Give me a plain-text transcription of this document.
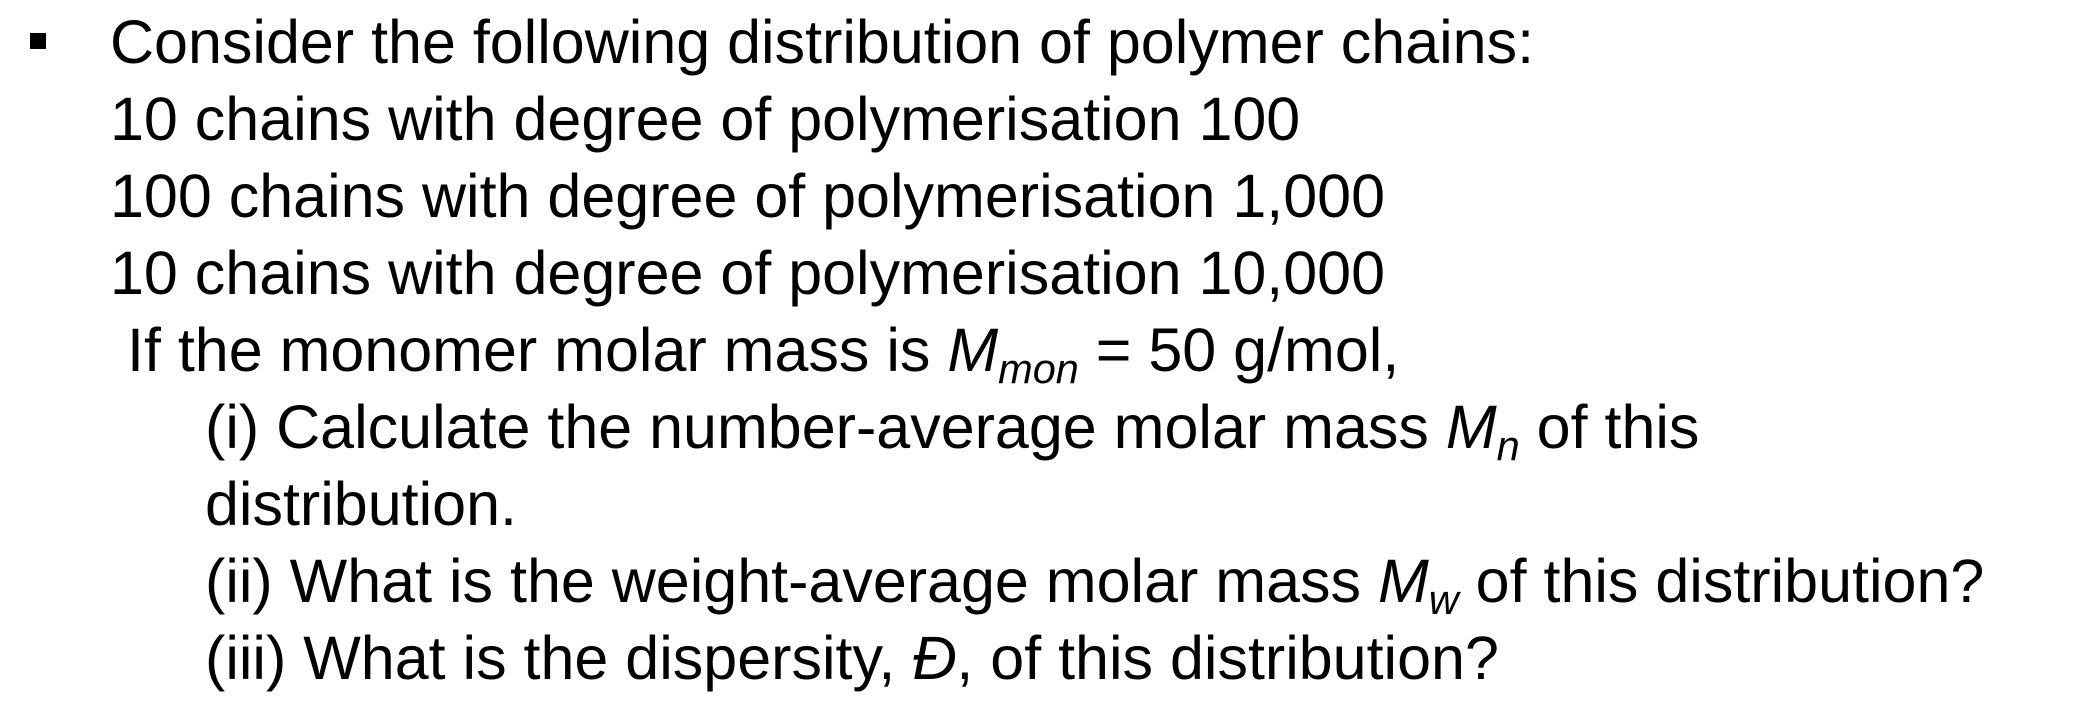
Consider the following distribution of polymer chains:
10 chains with degree of polymerisation 100
100 chains with degree of polymerisation 1,000
10 chains with degree of polymerisation 10,000
If the monomer molar mass is $M_{mon} = 50$ g/mol,
(i) Calculate the number-average molar mass $M_n$ of this
distribution.
(ii) What is the weight-average molar mass $M_w$ of this distribution?
(iii) What is the dispersity, Đ, of this distribution?
